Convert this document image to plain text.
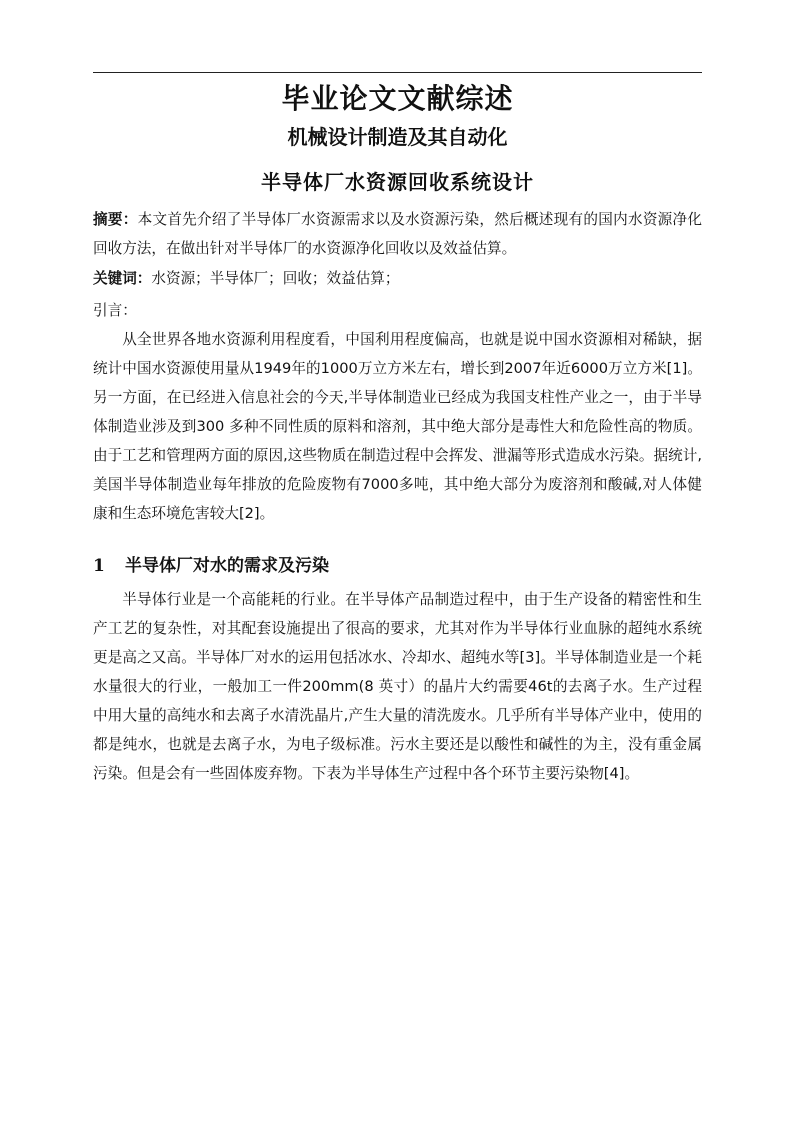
毕业论文文献综述
机械设计制造及其自动化
半导体厂水资源回收系统设计
摘要：本文首先介绍了半导体厂水资源需求以及水资源污染，然后概述现有的国内水资源净化回收方法，在做出针对半导体厂的水资源净化回收以及效益估算。
关键词：水资源；半导体厂；回收；效益估算；
引言：

从全世界各地水资源利用程度看，中国利用程度偏高，也就是说中国水资源相对稀缺，据统计中国水资源使用量从1949年的1000万立方米左右，增长到2007年近6000万立方米[1]。另一方面，在已经进入信息社会的今天,半导体制造业已经成为我国支柱性产业之一，由于半导体制造业涉及到300 多种不同性质的原料和溶剂，其中绝大部分是毒性大和危险性高的物质。由于工艺和管理两方面的原因,这些物质在制造过程中会挥发、泄漏等形式造成水污染。据统计,美国半导体制造业每年排放的危险废物有7000多吨，其中绝大部分为废溶剂和酸碱,对人体健康和生态环境危害较大[2]。

1 半导体厂对水的需求及污染

半导体行业是一个高能耗的行业。在半导体产品制造过程中，由于生产设备的精密性和生产工艺的复杂性，对其配套设施提出了很高的要求，尤其对作为半导体行业血脉的超纯水系统更是高之又高。半导体厂对水的运用包括冰水、冷却水、超纯水等[3]。半导体制造业是一个耗水量很大的行业，一般加工一件200mm(8 英寸）的晶片大约需要46t的去离子水。生产过程中用大量的高纯水和去离子水清洗晶片,产生大量的清洗废水。几乎所有半导体产业中，使用的都是纯水，也就是去离子水，为电子级标准。污水主要还是以酸性和碱性的为主，没有重金属污染。但是会有一些固体废弃物。下表为半导体生产过程中各个环节主要污染物[4]。
